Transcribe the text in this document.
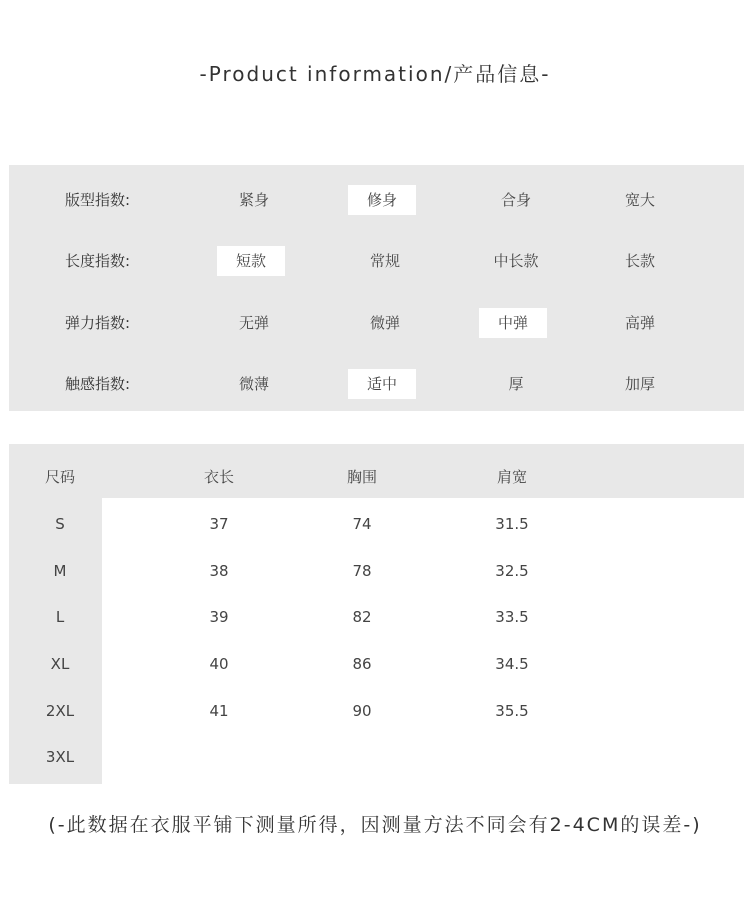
-Product information/产品信息-
版型指数:	紧身	修身	合身	宽大
长度指数:	短款	常规	中长款	长款
弹力指数:	无弹	微弹	中弹	高弹
触感指数:	微薄	适中	厚	加厚
尺码	衣长	胸围	肩宽
S	37	74	31.5
M	38	78	32.5
L	39	82	33.5
XL	40	86	34.5
2XL	41	90	35.5
3XL
(-此数据在衣服平铺下测量所得，因测量方法不同会有2-4CM的误差-)
